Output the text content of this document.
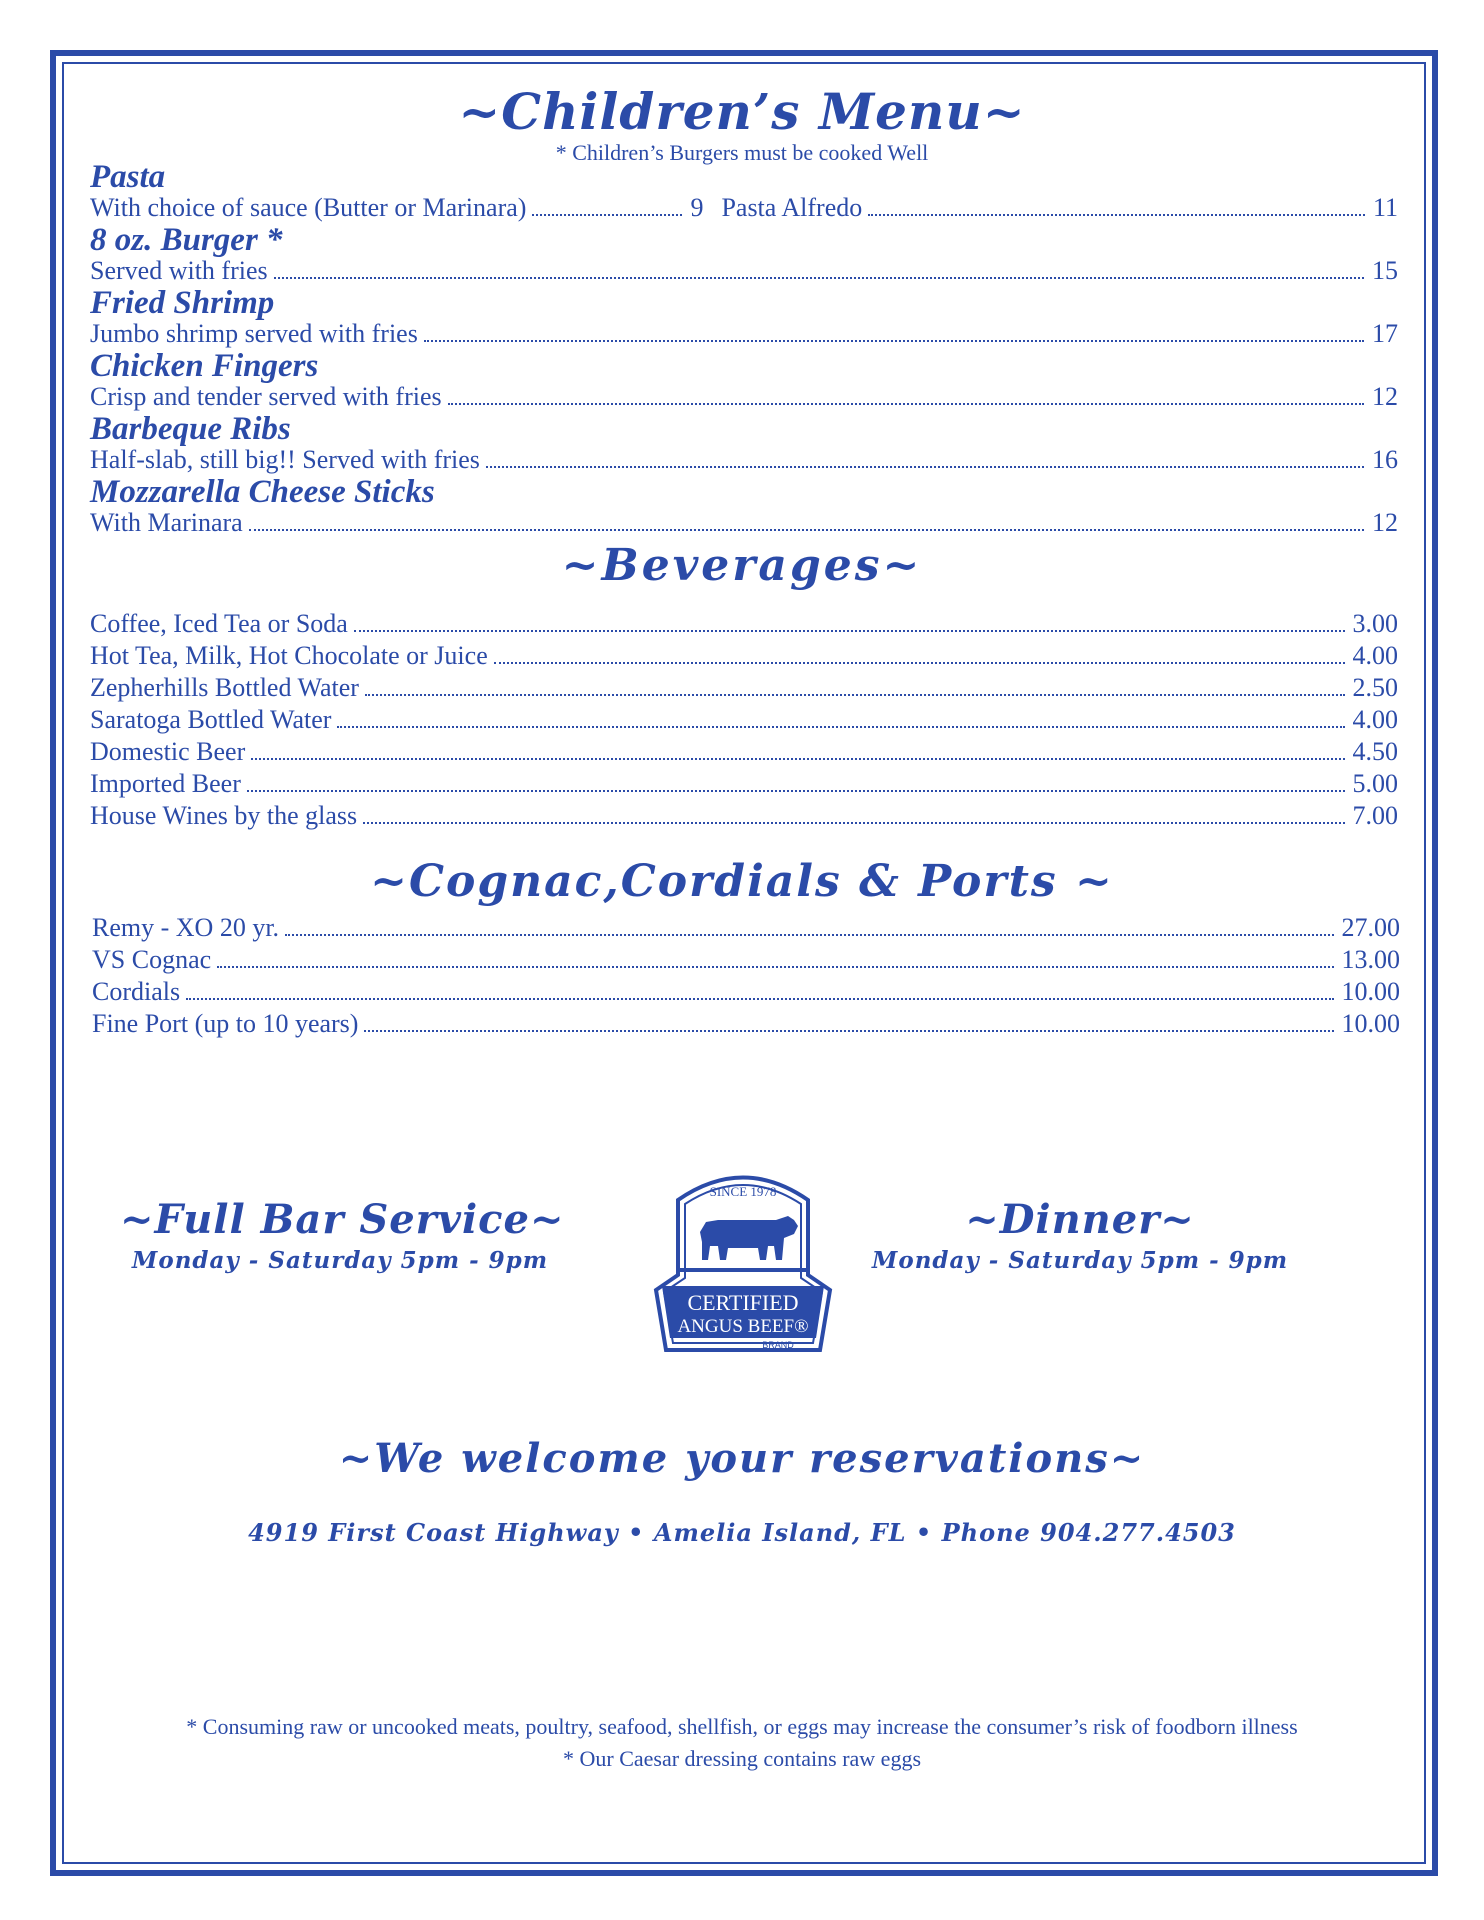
~Children’s Menu~
* Children’s Burgers must be cooked Well
Pasta
With choice of sauce (Butter or Marinara)	9 Pasta Alfredo	11
8 oz. Burger *
Served with fries	15
Fried Shrimp
Jumbo shrimp served with fries	17
Chicken Fingers
Crisp and tender served with fries	12
Barbeque Ribs
Half-slab, still big!! Served with fries	16
Mozzarella Cheese Sticks
With Marinara	12
~Beverages~
Coffee, Iced Tea or Soda	3.00
Hot Tea, Milk, Hot Chocolate or Juice	4.00
Zepherhills Bottled Water	2.50
Saratoga Bottled Water	4.00
Domestic Beer	4.50
Imported Beer	5.00
House Wines by the glass	7.00
~Cognac,Cordials & Ports ~
Remy - XO 20 yr.	27.00
VS Cognac	13.00
Cordials	10.00
Fine Port (up to 10 years)	10.00
~Full Bar Service~
Monday - Saturday 5pm - 9pm
SINCE 1978
CERTIFIED
ANGUS BEEF®
BRAND
~Dinner~
Monday - Saturday 5pm - 9pm
~We welcome your reservations~
4919 First Coast Highway • Amelia Island, FL • Phone 904.277.4503
* Consuming raw or uncooked meats, poultry, seafood, shellfish, or eggs may increase the consumer’s risk of foodborn illness
* Our Caesar dressing contains raw eggs
